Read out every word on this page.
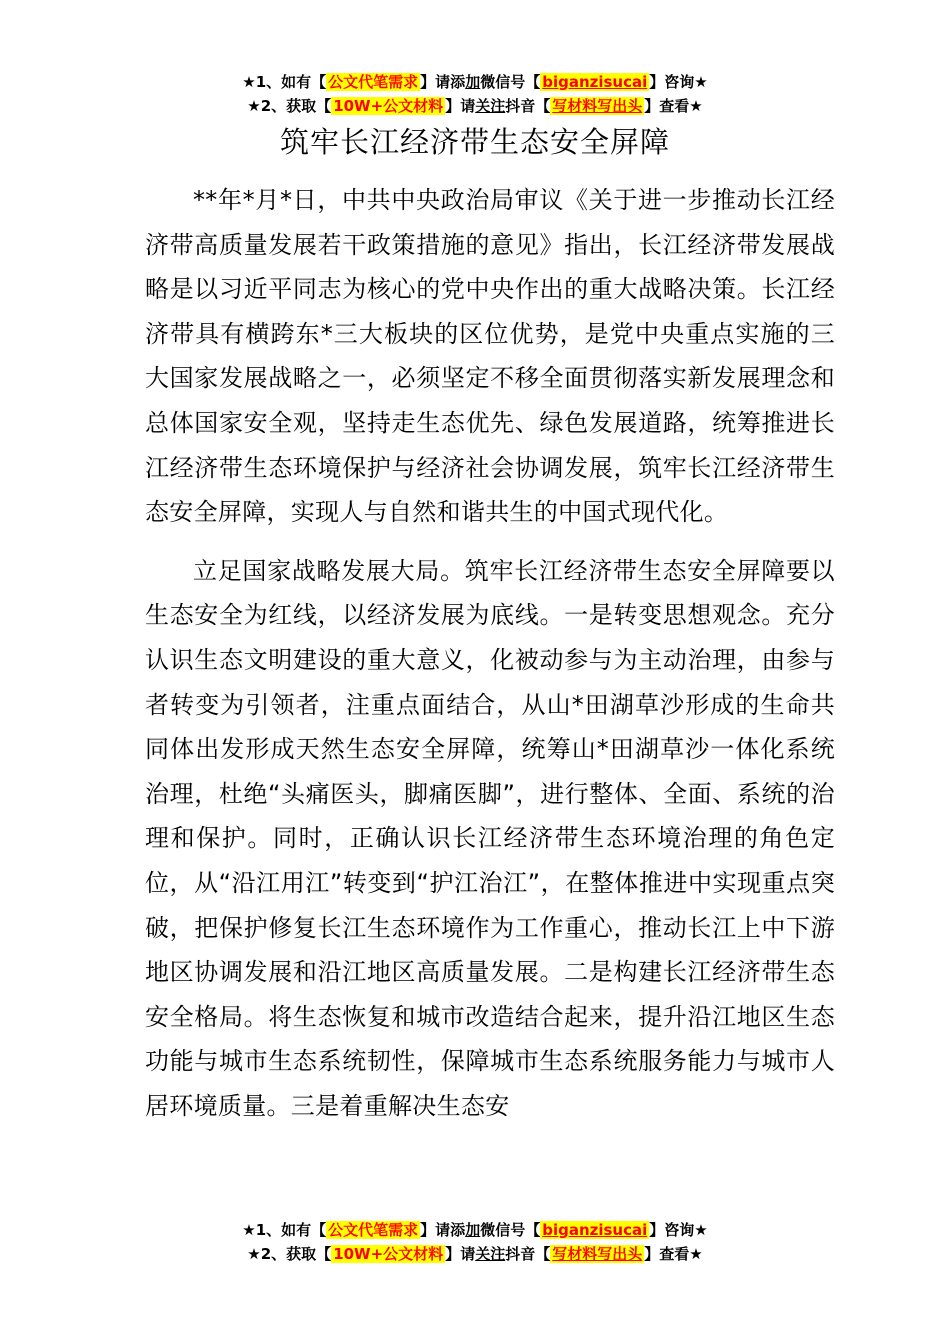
★1、如有【 公文代笔需求 】请添加微信号【 biganzisucai 】咨询★
★2、获取【 10W+公文材料 】请关注抖音【 写材料写出头 】查看★
筑牢长江经济带生态安全屏障

**年*月*日，中共中央政治局审议《关于进一步推动长江经济带高质量发展若干政策措施的意见》指出，长江经济带发展战略是以习近平同志为核心的党中央作出的重大战略决策。长江经济带具有横跨东*三大板块的区位优势，是党中央重点实施的三大国家发展战略之一，必须坚定不移全面贯彻落实新发展理念和总体国家安全观，坚持走生态优先、绿色发展道路，统筹推进长江经济带生态环境保护与经济社会协调发展，筑牢长江经济带生态安全屏障，实现人与自然和谐共生的中国式现代化。

立足国家战略发展大局。筑牢长江经济带生态安全屏障要以生态安全为红线，以经济发展为底线。一是转变思想观念。充分认识生态文明建设的重大意义，化被动参与为主动治理，由参与者转变为引领者，注重点面结合，从山*田湖草沙形成的生命共同体出发形成天然生态安全屏障，统筹山*田湖草沙一体化系统治理，杜绝“头痛医头，脚痛医脚”，进行整体、全面、系统的治理和保护。同时，正确认识长江经济带生态环境治理的角色定位，从“沿江用江”转变到“护江治江”，在整体推进中实现重点突破，把保护修复长江生态环境作为工作重心，推动长江上中下游地区协调发展和沿江地区高质量发展。二是构建长江经济带生态安全格局。将生态恢复和城市改造结合起来，提升沿江地区生态功能与城市生态系统韧性，保障城市生态系统服务能力与城市人居环境质量。三是着重解决生态安

★1、如有【 公文代笔需求 】请添加微信号【 biganzisucai 】咨询★
★2、获取【 10W+公文材料 】请关注抖音【 写材料写出头 】查看★
